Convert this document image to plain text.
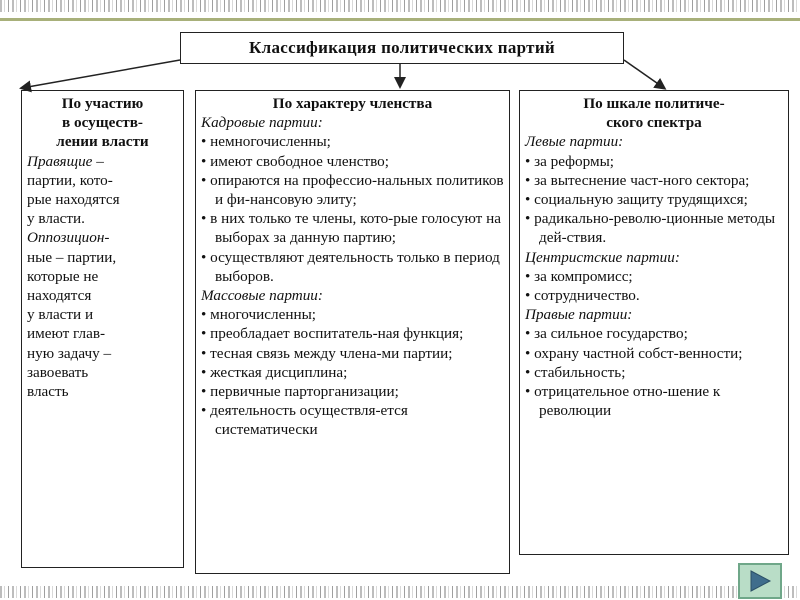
Классификация политических партий
По участию
в осуществ-
лении власти
Правящие –
партии, кото-
рые находятся
у власти.
Оппозицион-
ные – партии,
которые не
находятся
у власти и
имеют глав-
ную задачу –
завоевать
власть
По характеру членства
Кадровые партии:
• немногочисленны;
• имеют свободное членство;
• опираются на профессио-нальных политиков и фи-нансовую элиту;
• в них только те члены, кото-рые голосуют на выборах за данную партию;
• осуществляют деятельность только в период выборов.
Массовые партии:
• многочисленны;
• преобладает воспитатель-ная функция;
• тесная связь между члена-ми партии;
• жесткая дисциплина;
• первичные парторганизации;
• деятельность осуществля-ется систематически
По шкале политиче-
ского спектра
Левые партии:
• за реформы;
• за вытеснение част-ного сектора;
• социальную защиту трудящихся;
• радикально-револю-ционные методы дей-ствия.
Центристские партии:
• за компромисс;
• сотрудничество.
Правые партии:
• за сильное государство;
• охрану частной собст-венности;
• стабильность;
• отрицательное отно-шение к революции
